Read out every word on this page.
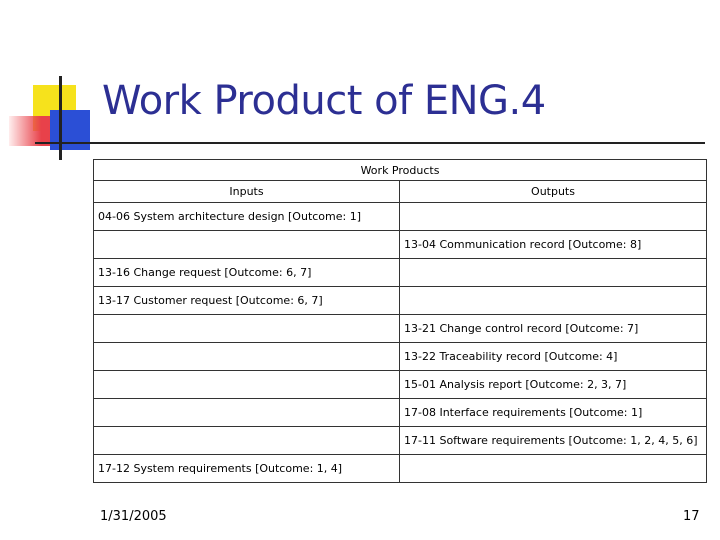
Work Product of ENG.4
Work Products	
Inputs	Outputs
04-06 System architecture design [Outcome: 1]	
	13-04 Communication record [Outcome: 8]
13-16 Change request [Outcome: 6, 7]	
13-17 Customer request [Outcome: 6, 7]	
	13-21 Change control record [Outcome: 7]
	13-22 Traceability record [Outcome: 4]
	15-01 Analysis report [Outcome: 2, 3, 7]
	17-08 Interface requirements [Outcome: 1]
	17-11 Software requirements [Outcome: 1, 2, 4, 5, 6]
17-12 System requirements [Outcome: 1, 4]	
1/31/2005	17
